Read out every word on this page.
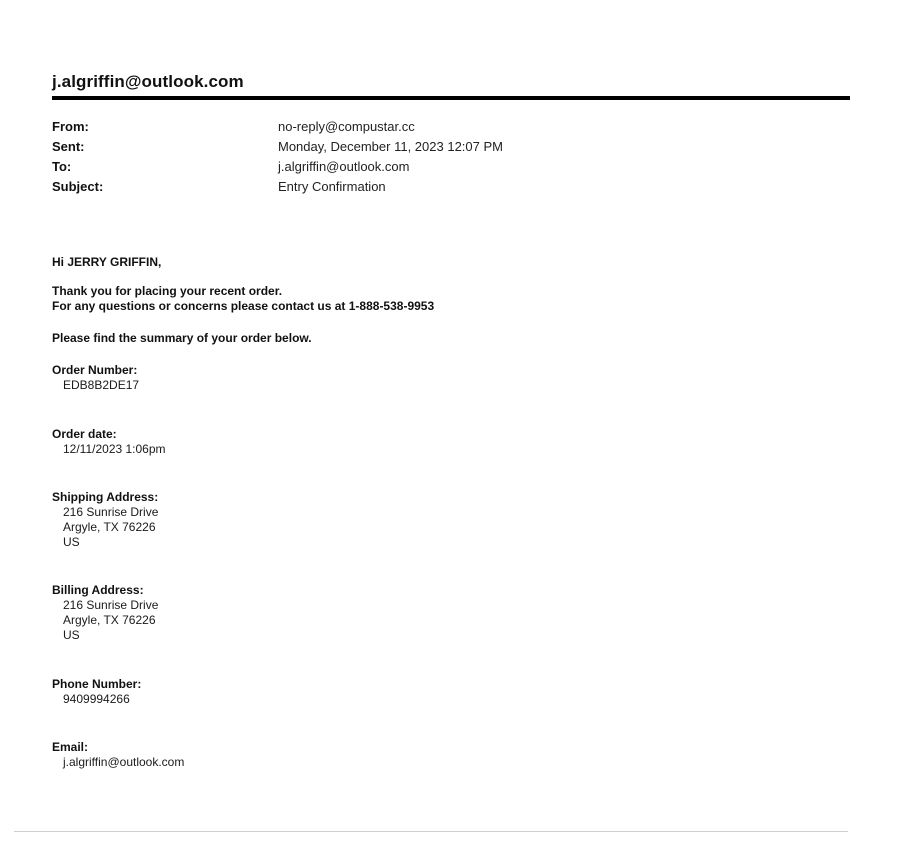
j.algriffin@outlook.com
From:	no-reply@compustar.cc
Sent:	Monday, December 11, 2023 12:07 PM
To:	j.algriffin@outlook.com
Subject:	Entry Confirmation

Hi JERRY GRIFFIN,

Thank you for placing your recent order.
For any questions or concerns please contact us at 1-888-538-9953

Please find the summary of your order below.

Order Number:
EDB8B2DE17
Order date:
12/11/2023 1:06pm
Shipping Address:
216 Sunrise Drive
Argyle, TX 76226
US
Billing Address:
216 Sunrise Drive
Argyle, TX 76226
US
Phone Number:
9409994266
Email:
j.algriffin@outlook.com
